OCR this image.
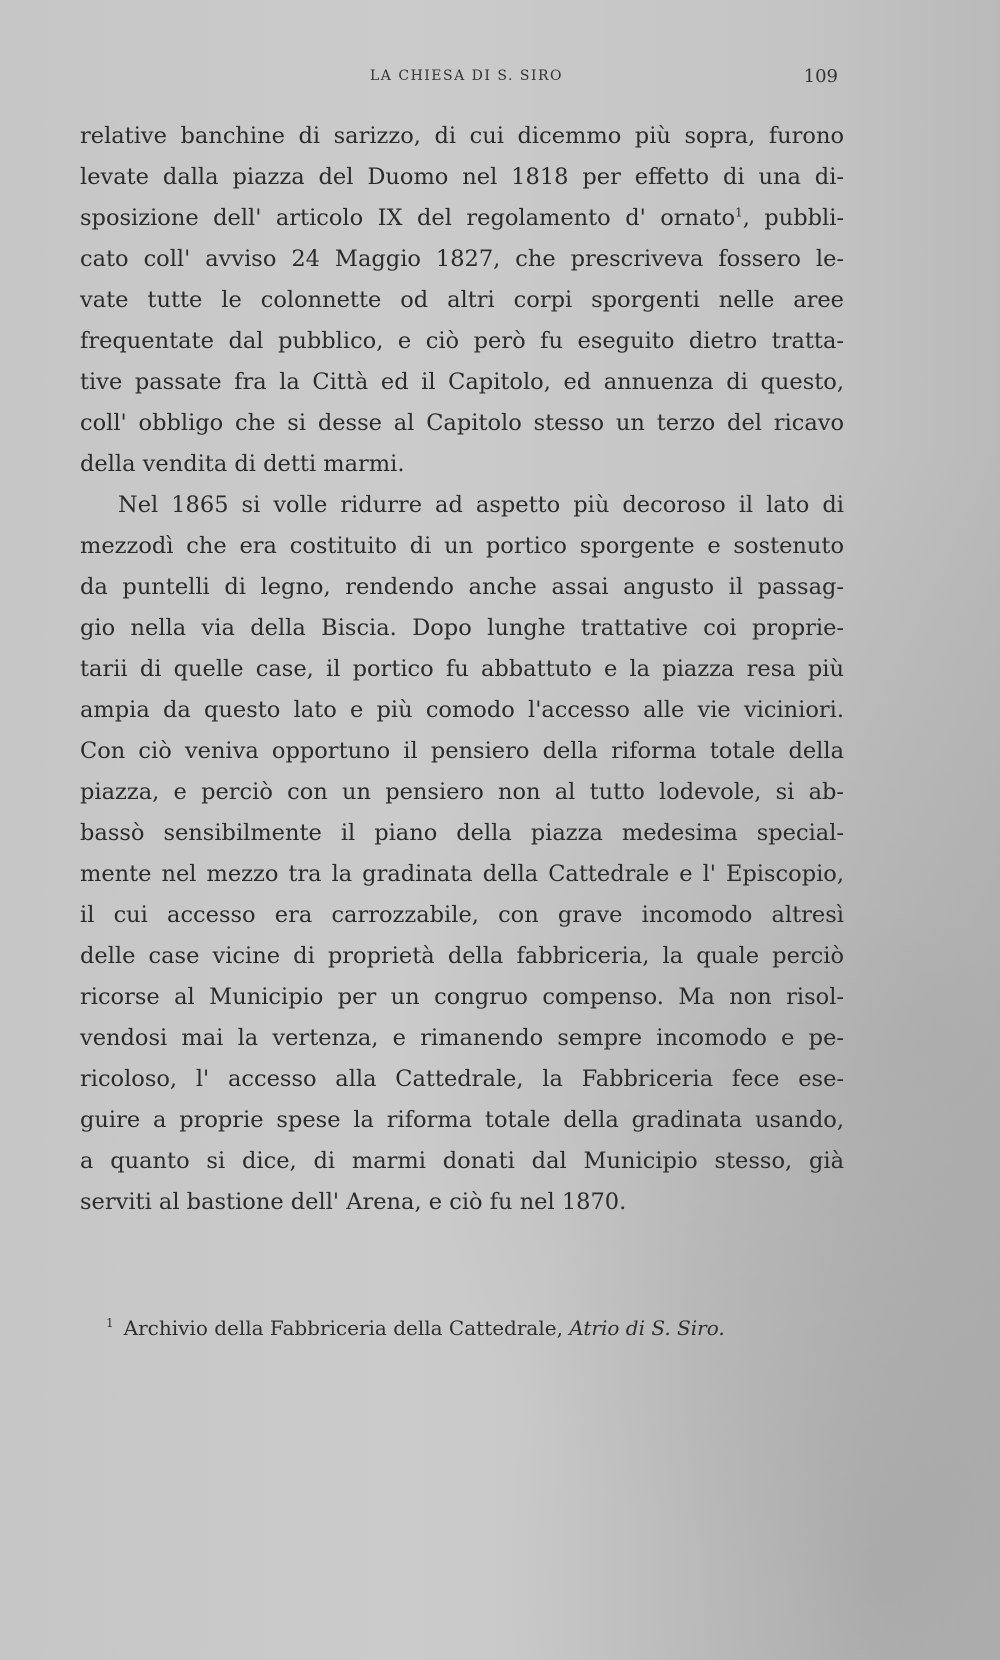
LA CHIESA DI S. SIRO	109
relative banchine di sarizzo, di cui dicemmo più sopra, furono
levate dalla piazza del Duomo nel 1818 per effetto di una di-
sposizione dell' articolo IX del regolamento d' ornato$^1$, pubbli-
cato coll' avviso 24 Maggio 1827, che prescriveva fossero le-
vate tutte le colonnette od altri corpi sporgenti nelle aree
frequentate dal pubblico, e ciò però fu eseguito dietro tratta-
tive passate fra la Città ed il Capitolo, ed annuenza di questo,
coll' obbligo che si desse al Capitolo stesso un terzo del ricavo
della vendita di detti marmi.
Nel 1865 si volle ridurre ad aspetto più decoroso il lato di
mezzodì che era costituito di un portico sporgente e sostenuto
da puntelli di legno, rendendo anche assai angusto il passag-
gio nella via della Biscia. Dopo lunghe trattative coi proprie-
tarii di quelle case, il portico fu abbattuto e la piazza resa più
ampia da questo lato e più comodo l'accesso alle vie viciniori.
Con ciò veniva opportuno il pensiero della riforma totale della
piazza, e perciò con un pensiero non al tutto lodevole, si ab-
bassò sensibilmente il piano della piazza medesima special-
mente nel mezzo tra la gradinata della Cattedrale e l' Episcopio,
il cui accesso era carrozzabile, con grave incomodo altresì
delle case vicine di proprietà della fabbriceria, la quale perciò
ricorse al Municipio per un congruo compenso. Ma non risol-
vendosi mai la vertenza, e rimanendo sempre incomodo e pe-
ricoloso, l' accesso alla Cattedrale, la Fabbriceria fece ese-
guire a proprie spese la riforma totale della gradinata usando,
a quanto si dice, di marmi donati dal Municipio stesso, già
serviti al bastione dell' Arena, e ciò fu nel 1870.
$^1$ Archivio della Fabbriceria della Cattedrale, Atrio di S. Siro.
